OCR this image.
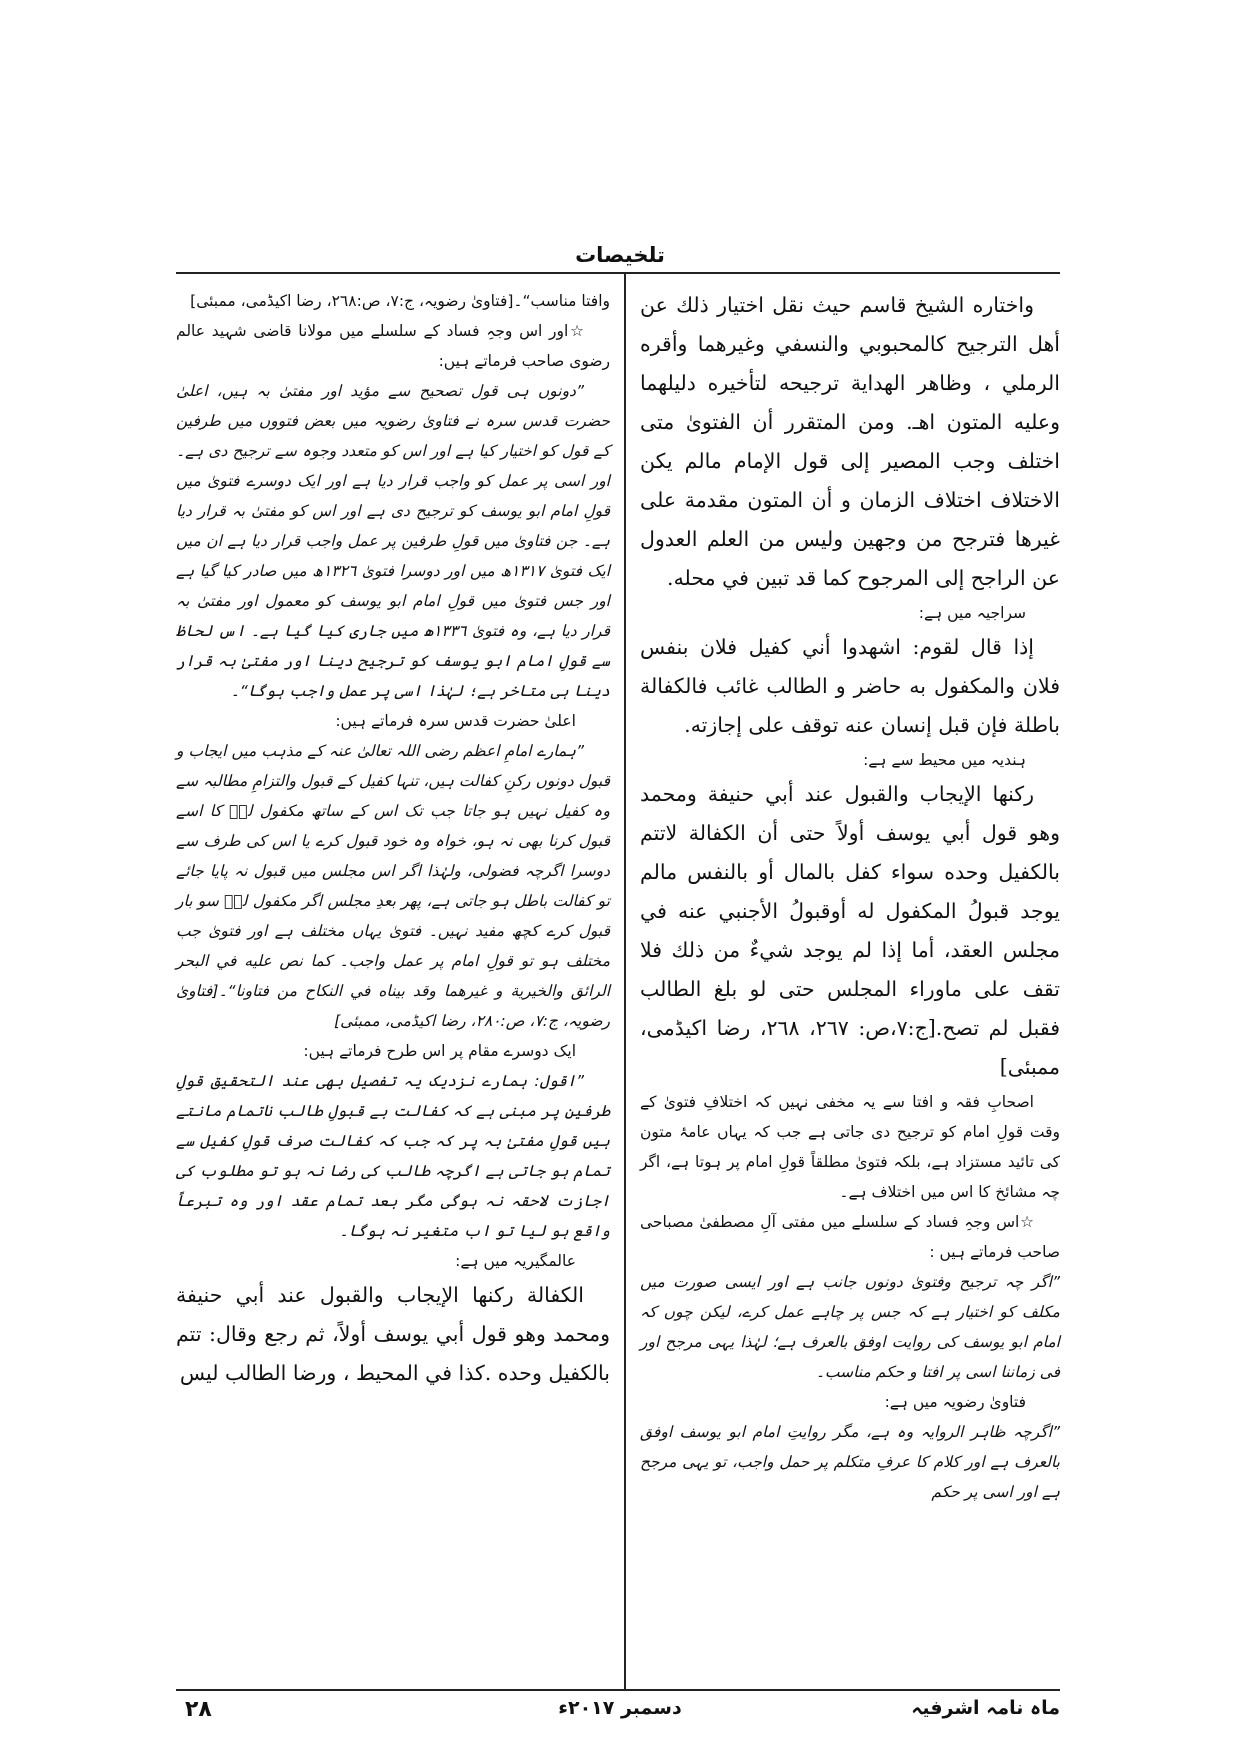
تلخیصات

واختاره الشيخ قاسم حيث نقل اختيار ذلك عن أهل الترجيح كالمحبوبي والنسفي وغيرهما وأقره الرملي ، وظاهر الهداية ترجيحه لتأخيره دليلهما وعليه المتون اهـ. ومن المتقرر أن الفتوىٰ متى اختلف وجب المصير إلى قول الإمام مالم يكن الاختلاف اختلاف الزمان و أن المتون مقدمة على غيرها فترجح من وجهين وليس من العلم العدول عن الراجح إلى المرجوح كما قد تبين في محله.

سراجیہ میں ہے:

إذا قال لقوم: اشهدوا أني كفيل فلان بنفس فلان والمكفول به حاضر و الطالب غائب فالكفالة باطلة فإن قبل إنسان عنه توقف على إجازته.

ہندیہ میں محیط سے ہے:

ركنها الإيجاب والقبول عند أبي حنيفة ومحمد وهو قول أبي يوسف أولاً حتى أن الكفالة لاتتم بالكفيل وحده سواء كفل بالمال أو بالنفس مالم يوجد قبولُ المكفول له أوقبولُ الأجنبي عنه في مجلس العقد، أما إذا لم يوجد شيءٌ من ذلك فلا تقف على ماوراء المجلس حتى لو بلغ الطالب فقبل لم تصح.[ج:٧،ص: ٢٦٧، ٢٦٨، رضا اکیڈمی، ممبئی]

اصحابِ فقہ و افتا سے یہ مخفی نہیں کہ اختلافِ فتویٰ کے وقت قولِ امام کو ترجیح دی جاتی ہے جب کہ یہاں عامۂ متون کی تائید مستزاد ہے، بلکہ فتویٰ مطلقاً قولِ امام پر ہوتا ہے، اگر چہ مشائخ کا اس میں اختلاف ہے۔

☆اس وجہِ فساد کے سلسلے میں مفتی آلِ مصطفیٰ مصباحی صاحب فرماتے ہیں :

”اگر چہ ترجیح وفتویٰ دونوں جانب ہے اور ایسی صورت میں مکلف کو اختیار ہے کہ جس پر چاہے عمل کرے، لیکن چوں کہ امام ابو یوسف کی روایت اوفق بالعرف ہے؛ لہٰذا یہی مرجح اور فی زماننا اسی پر افتا و حکم مناسب۔

فتاویٰ رضویہ میں ہے:

”اگرچہ ظاہر الروایہ وہ ہے، مگر روایتِ امام ابو یوسف اوفق بالعرف ہے اور کلام کا عرفِ متکلم پر حمل واجب، تو یہی مرجح ہے اور اسی پر حکم

وافتا مناسب“۔[فتاویٰ رضویہ، ج:٧، ص:٢٦٨، رضا اکیڈمی، ممبئی]

☆اور اس وجہِ فساد کے سلسلے میں مولانا قاضی شہید عالم رضوی صاحب فرماتے ہیں:

”دونوں ہی قول تصحیح سے مؤید اور مفتیٰ بہ ہیں، اعلیٰ حضرت قدس سرہ نے فتاویٰ رضویہ میں بعض فتووں میں طرفین کے قول کو اختیار کیا ہے اور اس کو متعدد وجوہ سے ترجیح دی ہے۔ اور اسی پر عمل کو واجب قرار دیا ہے اور ایک دوسرے فتویٰ میں قولِ امام ابو یوسف کو ترجیح دی ہے اور اس کو مفتیٰ بہ قرار دیا ہے۔ جن فتاویٰ میں قولِ طرفین پر عمل واجب قرار دیا ہے ان میں ایک فتویٰ ١٣١٧ھ میں اور دوسرا فتویٰ ١٣٢٦ھ میں صادر کیا گیا ہے اور جس فتویٰ میں قولِ امام ابو یوسف کو معمول اور مفتیٰ بہ قرار دیا ہے، وہ فتویٰ ١٣٣٦ھ میں جاری کیا گیا ہے۔ اس لحاظ سے قولِ امام ابو یوسف کو ترجیح دینا اور مفتیٰ بہ قرار دینا ہی متاخر ہے؛ لہٰذا اسی پر عمل واجب ہوگا“۔

اعلیٰ حضرت قدس سرہ فرماتے ہیں:

”ہمارے امامِ اعظم رضی اللہ تعالیٰ عنہ کے مذہب میں ایجاب و قبول دونوں رکنِ کفالت ہیں، تنہا کفیل کے قبول والتزامِ مطالبہ سے وہ کفیل نہیں ہو جاتا جب تک اس کے ساتھ مکفول لہٗ کا اسے قبول کرنا بھی نہ ہو، خواہ وہ خود قبول کرے یا اس کی طرف سے دوسرا اگرچہ فضولی، ولہٰذا اگر اس مجلس میں قبول نہ پایا جائے تو کفالت باطل ہو جاتی ہے، پھر بعدِ مجلس اگر مکفول لہٗ سو بار قبول کرے کچھ مفید نہیں۔ فتویٰ یہاں مختلف ہے اور فتویٰ جب مختلف ہو تو قولِ امام پر عمل واجب۔ کما نص عليه في البحر الرائق والخيرية و غيرهما وقد بيناه في النكاح من فتاونا“۔[فتاویٰ رضویہ، ج:٧، ص:٢٨٠، رضا اکیڈمی، ممبئی]

ایک دوسرے مقام پر اس طرح فرماتے ہیں:

”اقول: ہمارے نزدیک یہ تفصیل بھی عند التحقیق قولِ طرفین پر مبنی ہے کہ کفالت بے قبولِ طالب ناتمام مانتے ہیں قولِ مفتیٰ بہ پر کہ جب کہ کفالت صرف قولِ کفیل سے تمام ہو جاتی ہے اگرچہ طالب کی رضا نہ ہو تو مطلوب کی اجازت لاحقہ نہ ہوگی مگر بعد تمام عقد اور وہ تبرعاً واقع ہو لیا تو اب متغیر نہ ہوگا۔

عالمگیریہ میں ہے:

الكفالة ركنها الإيجاب والقبول عند أبي حنيفة ومحمد وهو قول أبي يوسف أولاً، ثم رجع وقال: تتم بالكفيل وحده .كذا في المحيط ، ورضا الطالب ليس

ماہ نامہ اشرفیہ
دسمبر ۲۰۱۷ء
۲۸
